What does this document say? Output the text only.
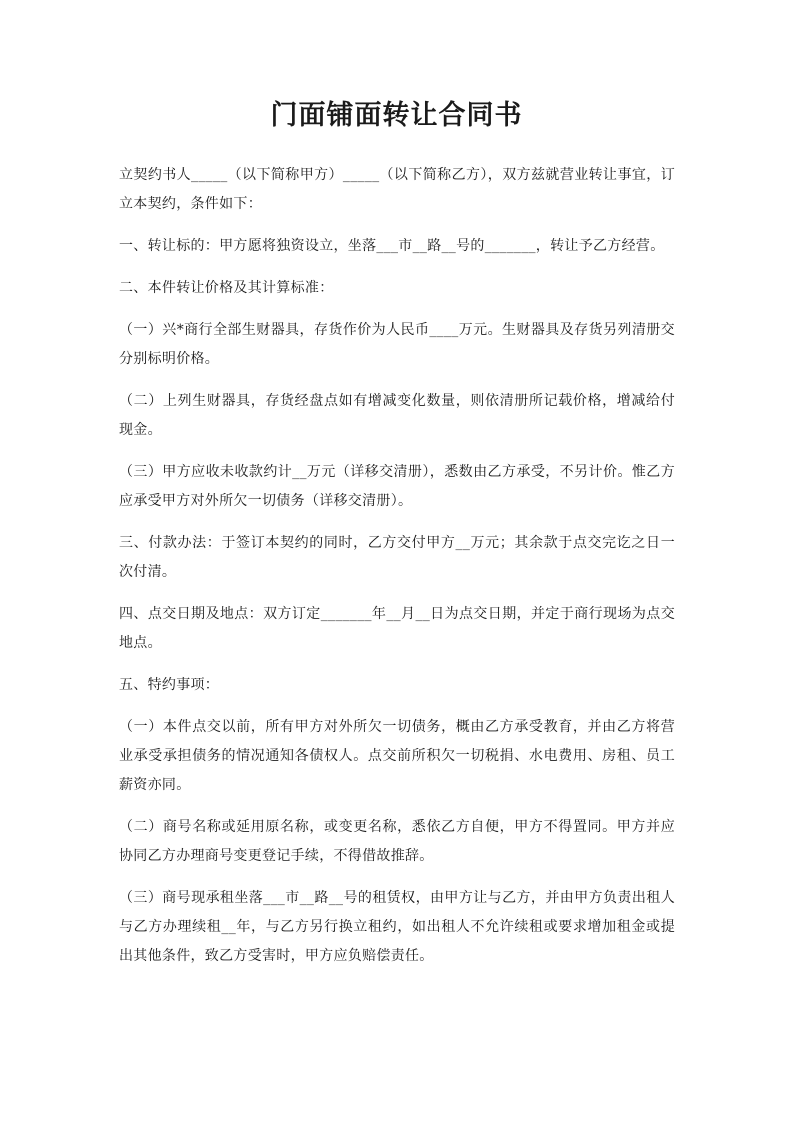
门面铺面转让合同书

立契约书人_____（以下简称甲方）_____（以下简称乙方），双方兹就营业转让事宜，订立本契约，条件如下：

一、转让标的：甲方愿将独资设立，坐落___市__路__号的_______，转让予乙方经营。

二、本件转让价格及其计算标准：

（一）兴*商行全部生财器具，存货作价为人民币____万元。生财器具及存货另列清册交分别标明价格。

（二）上列生财器具，存货经盘点如有增减变化数量，则依清册所记载价格，增减给付现金。

（三）甲方应收未收款约计__万元（详移交清册），悉数由乙方承受，不另计价。惟乙方应承受甲方对外所欠一切债务（详移交清册）。

三、付款办法：于签订本契约的同时，乙方交付甲方__万元；其余款于点交完讫之日一次付清。

四、点交日期及地点：双方订定_______年__月__日为点交日期，并定于商行现场为点交地点。

五、特约事项：

（一）本件点交以前，所有甲方对外所欠一切债务，概由乙方承受教育，并由乙方将营业承受承担债务的情况通知各债权人。点交前所积欠一切税捐、水电费用、房租、员工薪资亦同。

（二）商号名称或延用原名称，或变更名称，悉依乙方自便，甲方不得置同。甲方并应协同乙方办理商号变更登记手续，不得借故推辞。

（三）商号现承租坐落___市__路__号的租赁权，由甲方让与乙方，并由甲方负责出租人与乙方办理续租__年，与乙方另行换立租约，如出租人不允许续租或要求增加租金或提出其他条件，致乙方受害时，甲方应负赔偿责任。
